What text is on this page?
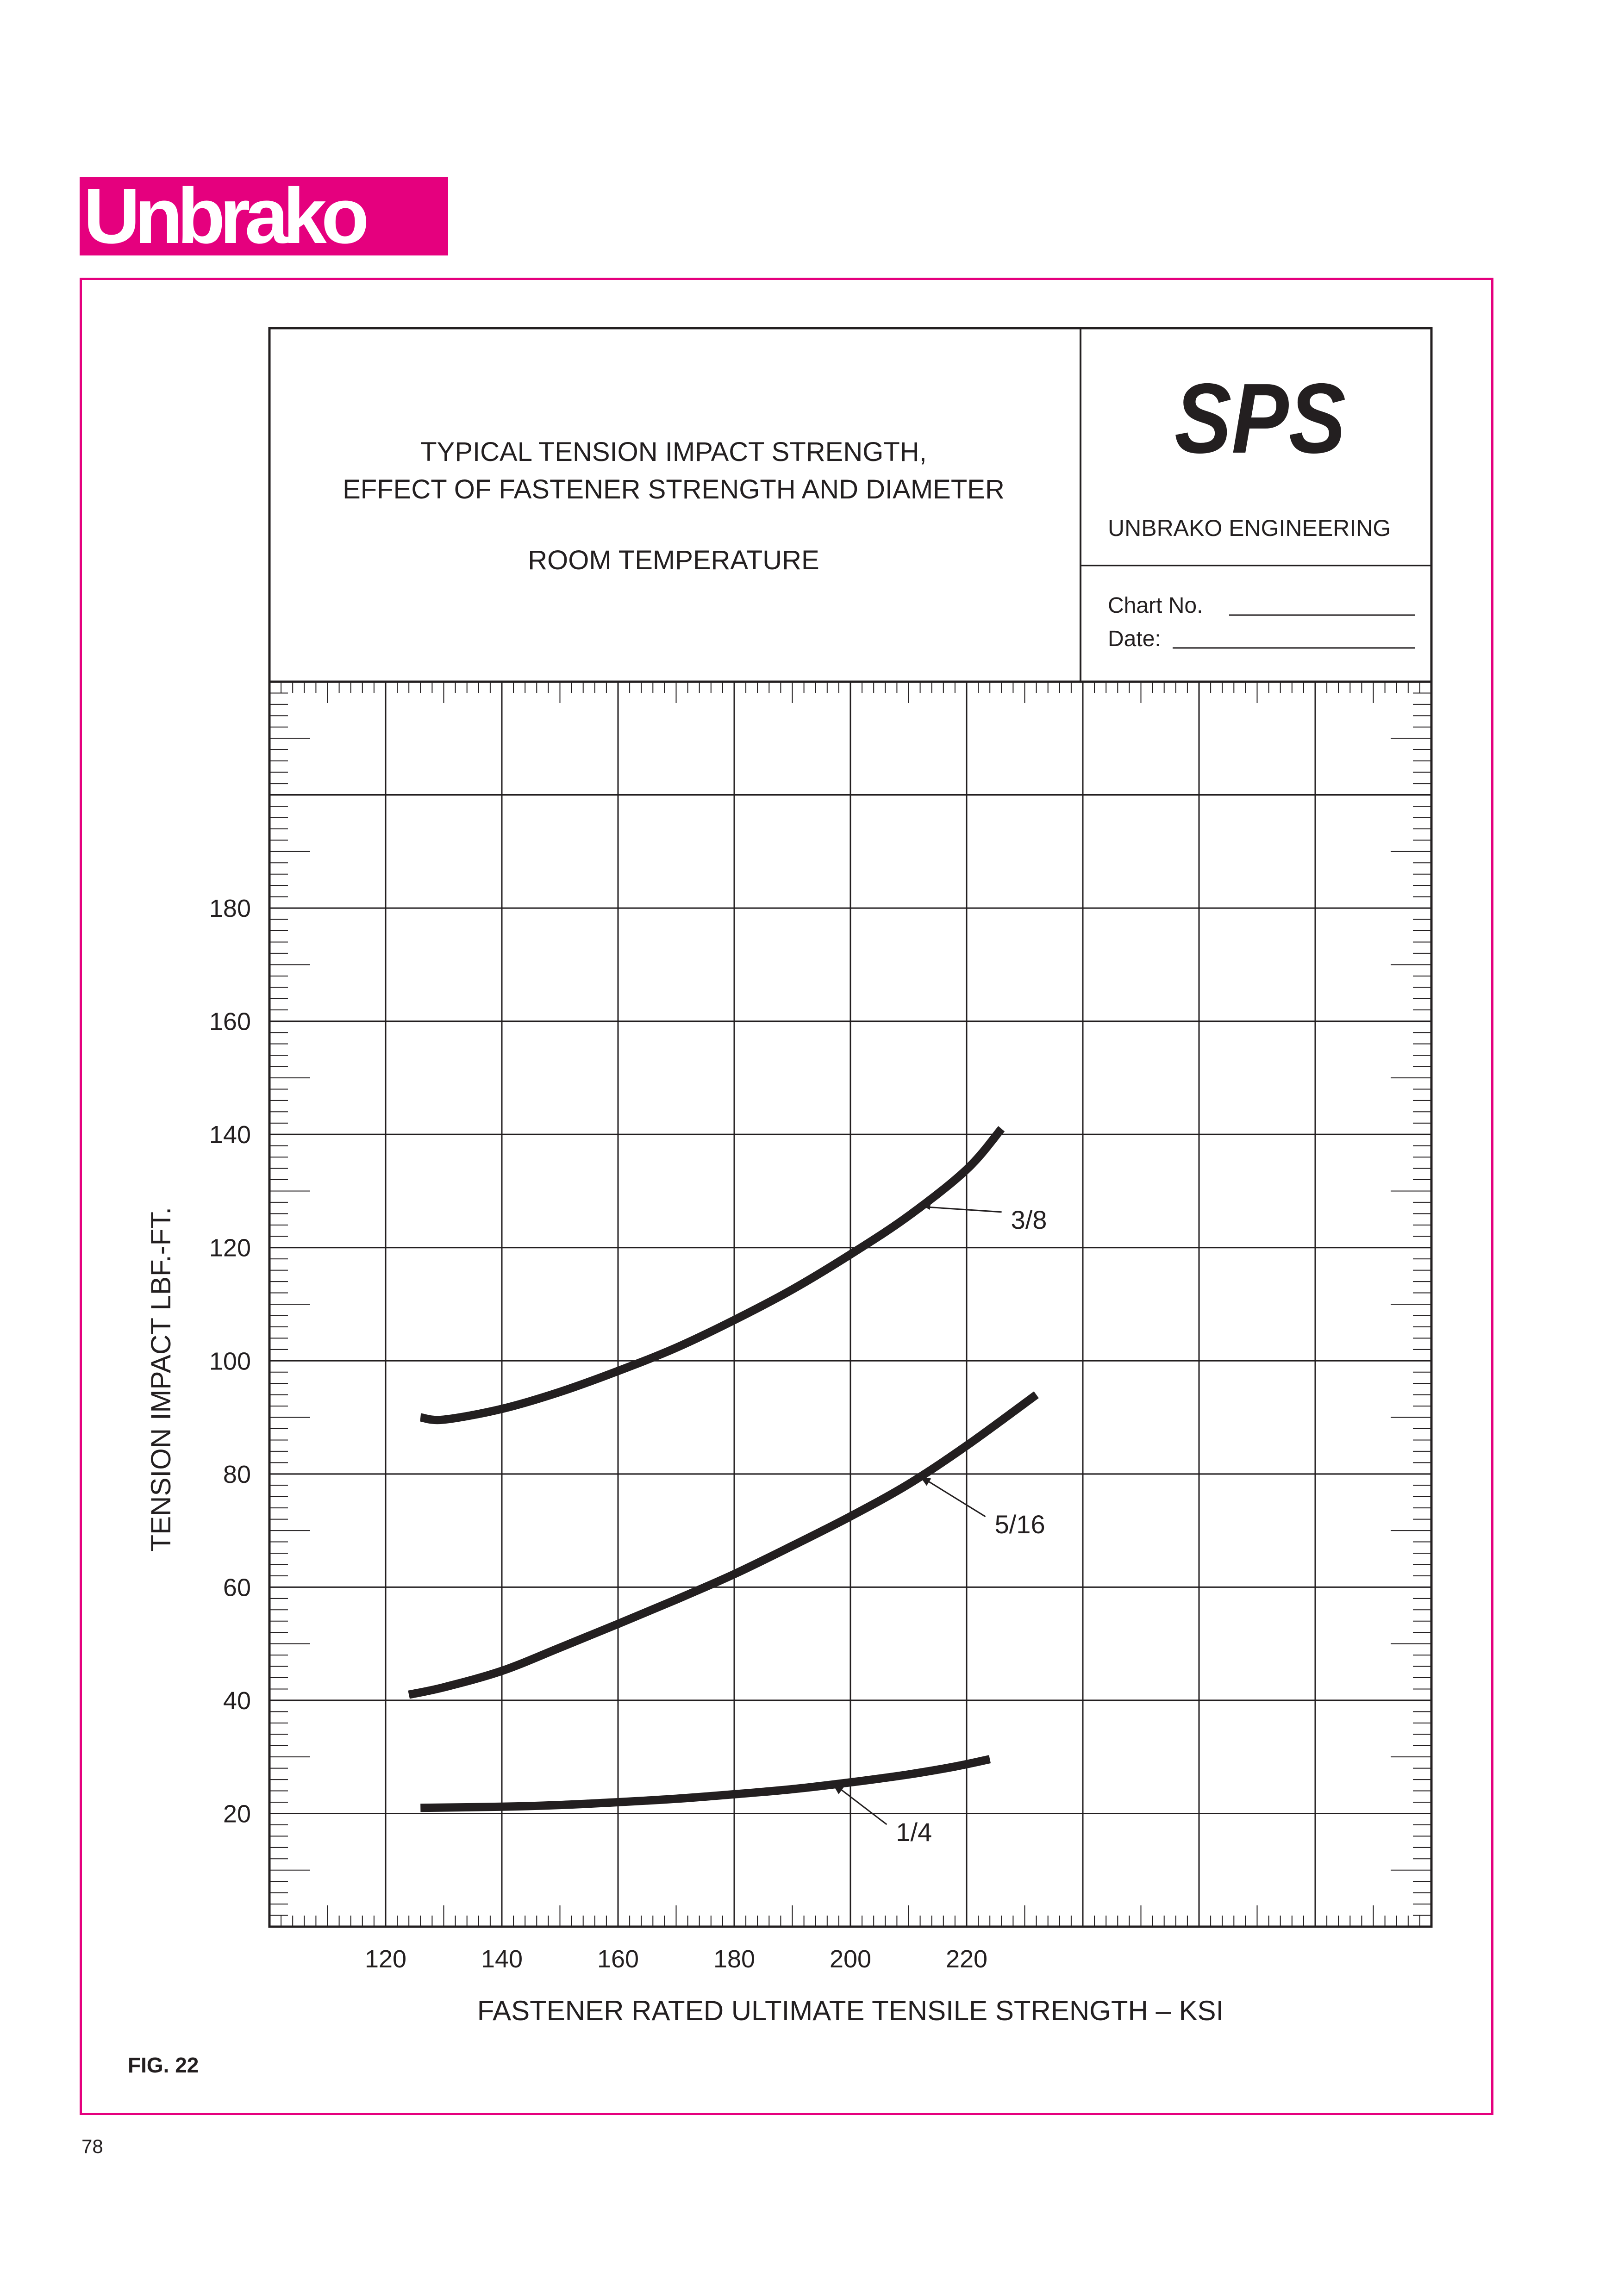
Unbrako
3/8
5/16
1/4
120	140	160	180	200	220
20
40
60
80
100
120
140
160
180
FASTENER RATED ULTIMATE TENSILE STRENGTH – KSI
TENSION IMPACT LBF.-FT.
TYPICAL TENSION IMPACT STRENGTH,
EFFECT OF FASTENER STRENGTH AND DIAMETER
ROOM TEMPERATURE
SPS
UNBRAKO ENGINEERING
Chart No.
Date:
FIG. 22
78
